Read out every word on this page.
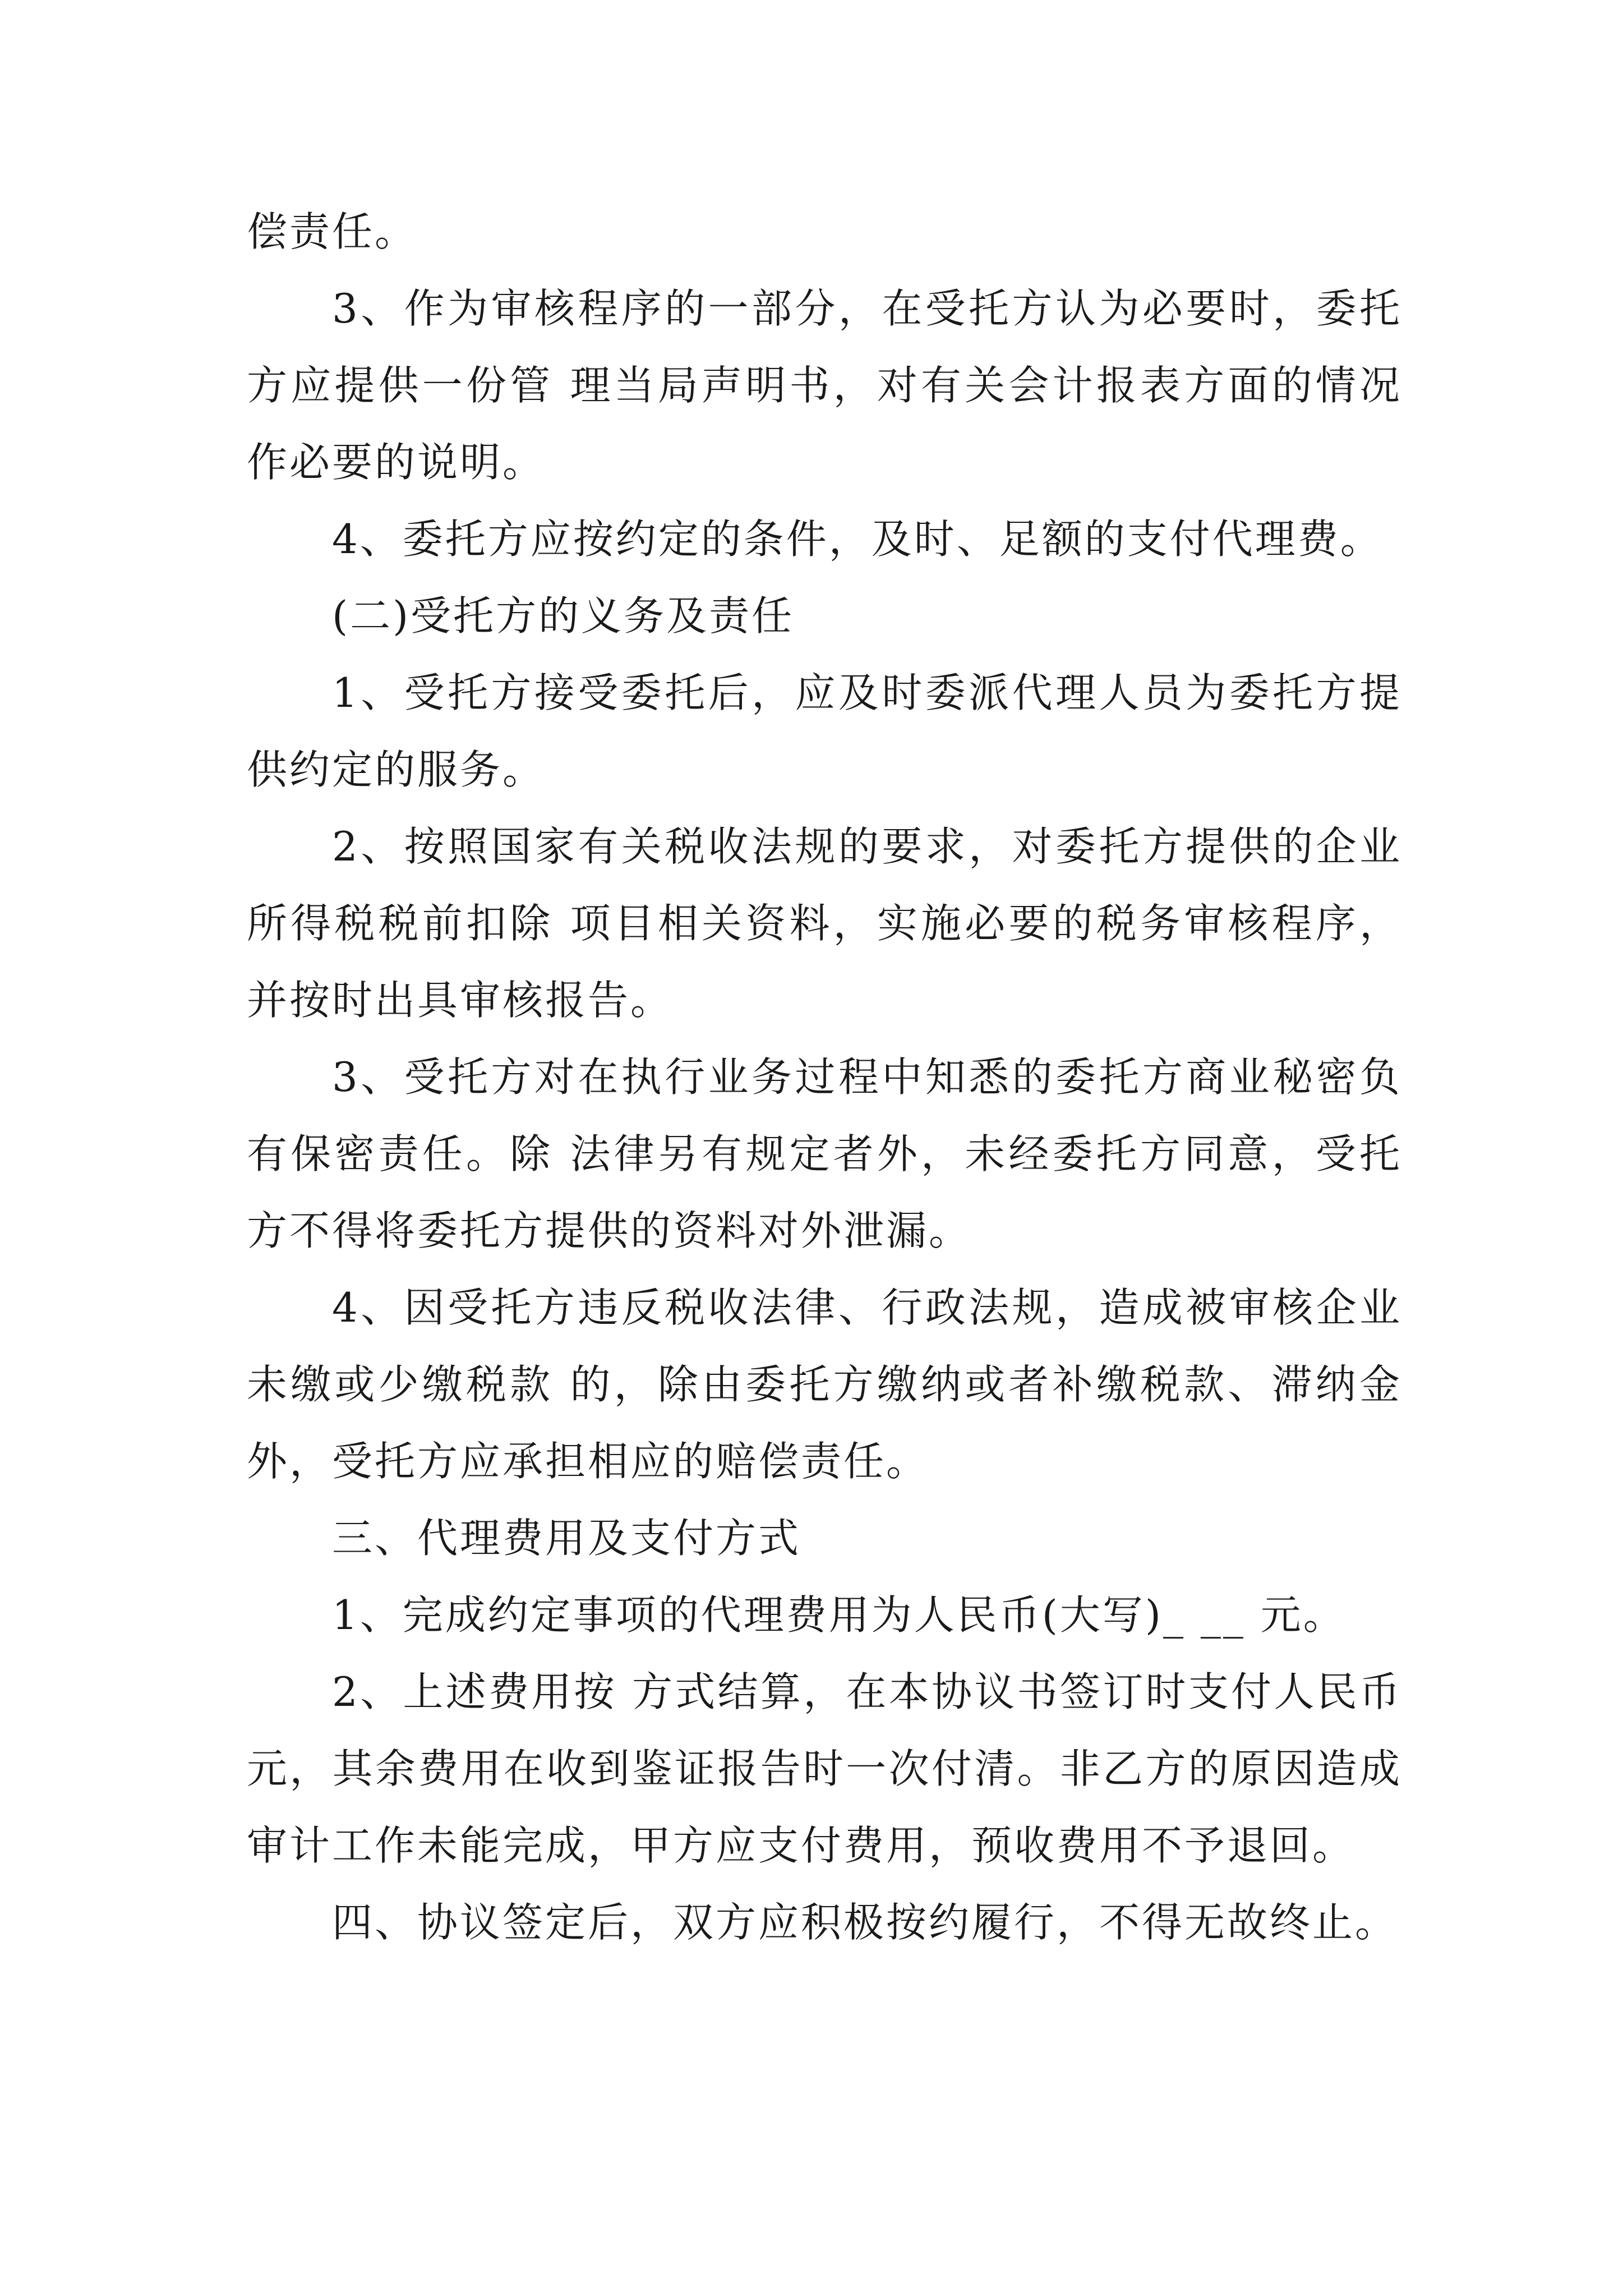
偿责任。

3、作为审核程序的一部分，在受托方认为必要时，委托方应提供一份管 理当局声明书，对有关会计报表方面的情况作必要的说明。

4、委托方应按约定的条件，及时、足额的支付代理费。

(二)受托方的义务及责任

1、受托方接受委托后，应及时委派代理人员为委托方提供约定的服务。

2、按照国家有关税收法规的要求，对委托方提供的企业所得税税前扣除 项目相关资料，实施必要的税务审核程序，并按时出具审核报告。

3、受托方对在执行业务过程中知悉的委托方商业秘密负有保密责任。除 法律另有规定者外，未经委托方同意，受托方不得将委托方提供的资料对外泄漏。

4、因受托方违反税收法律、行政法规，造成被审核企业未缴或少缴税款 的，除由委托方缴纳或者补缴税款、滞纳金外，受托方应承担相应的赔偿责任。

三、代理费用及支付方式

1、完成约定事项的代理费用为人民币(大写)_ __ 元。

2、上述费用按 方式结算，在本协议书签订时支付人民币 元，其余费用在收到鉴证报告时一次付清。非乙方的原因造成审计工作未能完成，甲方应支付费用，预收费用不予退回。

四、协议签定后，双方应积极按约履行，不得无故终止。
